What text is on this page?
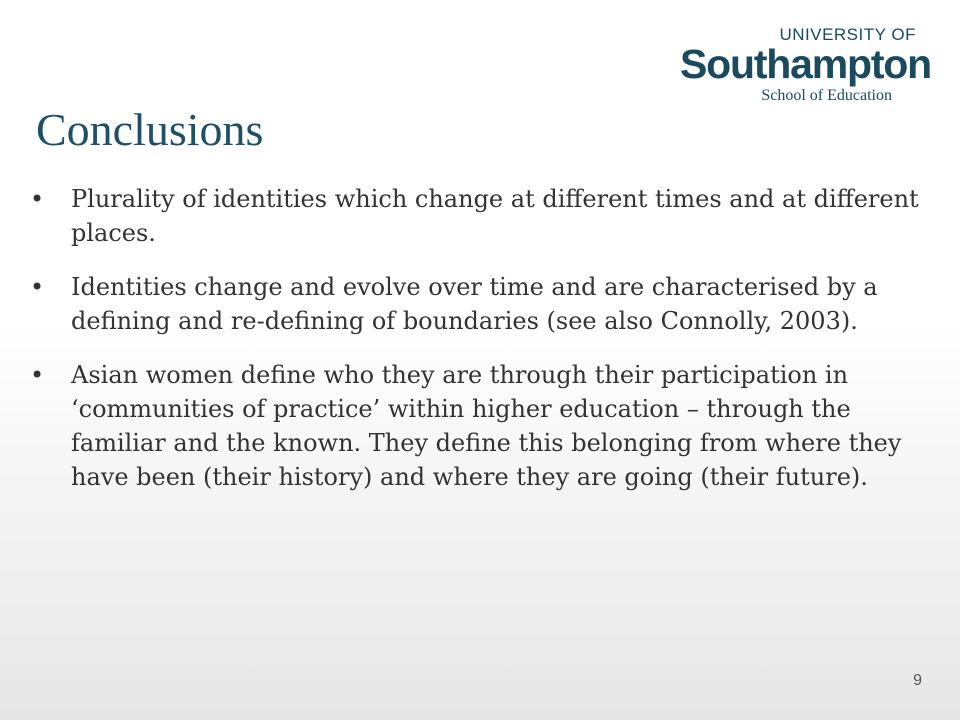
UNIVERSITY OF
Southampton
School of Education
Conclusions
•	Plurality of identities which change at different times and at different places.
•	Identities change and evolve over time and are characterised by a defining and re-defining of boundaries (see also Connolly, 2003).
•	Asian women define who they are through their participation in ‘communities of practice’ within higher education – through the familiar and the known. They define this belonging from where they have been (their history) and where they are going (their future).
9
